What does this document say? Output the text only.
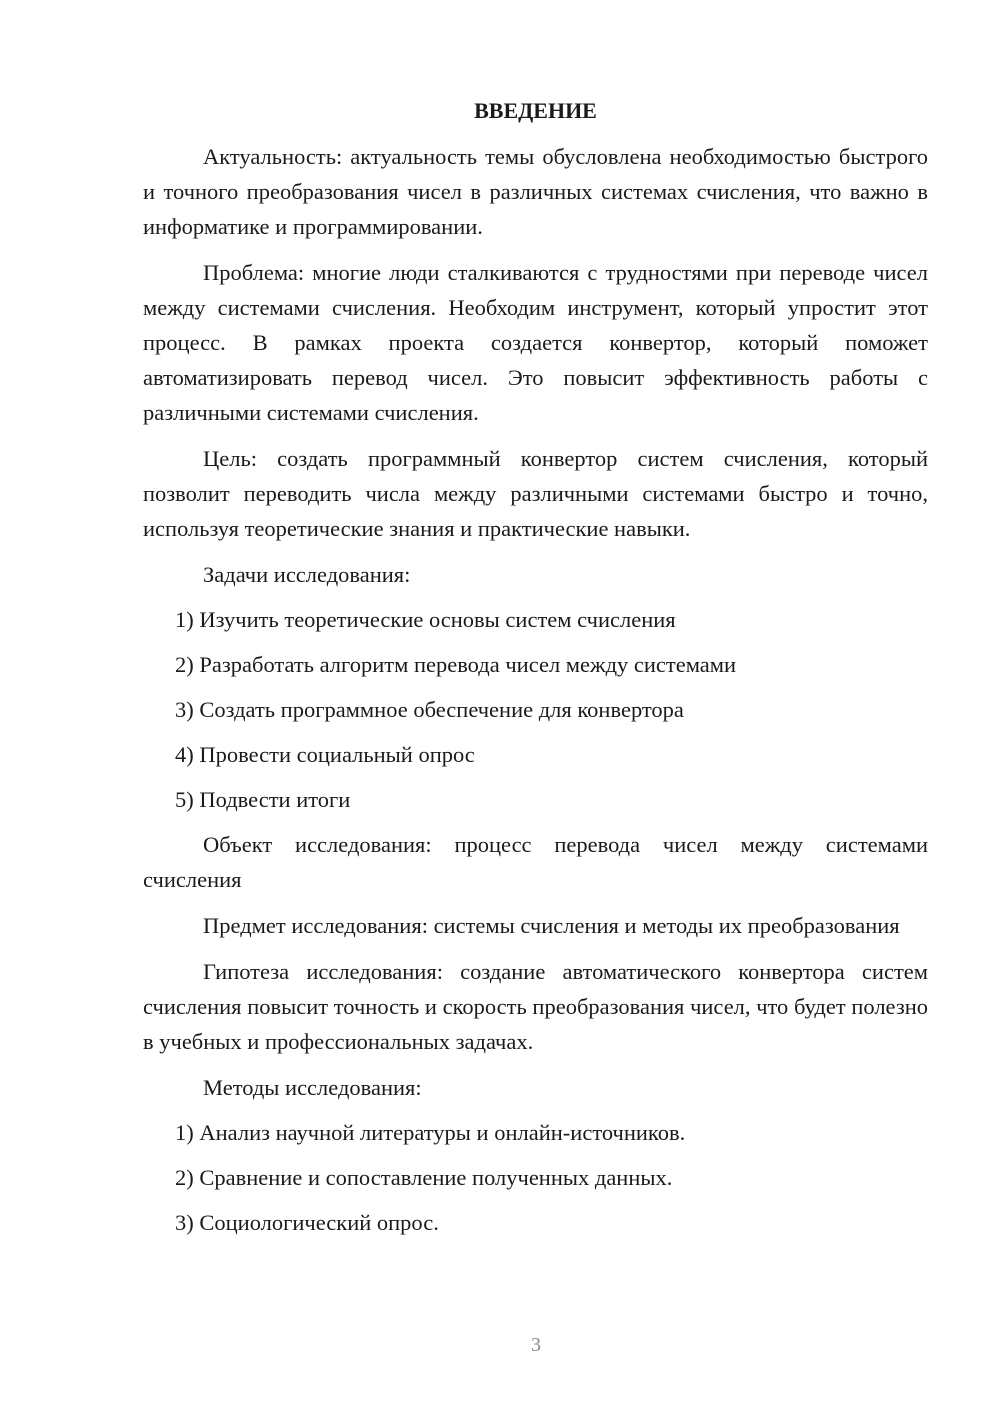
ВВЕДЕНИЕ

Актуальность: актуальность темы обусловлена необходимостью быстрого и точного преобразования чисел в различных системах счисления, что важно в информатике и программировании.

Проблема: многие люди сталкиваются с трудностями при переводе чисел между системами счисления. Необходим инструмент, который упростит этот процесс. В рамках проекта создается конвертор, который поможет автоматизировать перевод чисел. Это повысит эффективность работы с различными системами счисления.

Цель: создать программный конвертор систем счисления, который позволит переводить числа между различными системами быстро и точно, используя теоретические знания и практические навыки.

Задачи исследования:
1) Изучить теоретические основы систем счисления
2) Разработать алгоритм перевода чисел между системами
3) Создать программное обеспечение для конвертора
4) Провести социальный опрос
5) Подвести итоги

Объект исследования: процесс перевода чисел между системами счисления

Предмет исследования: системы счисления и методы их преобразования

Гипотеза исследования: создание автоматического конвертора систем счисления повысит точность и скорость преобразования чисел, что будет полезно в учебных и профессиональных задачах.

Методы исследования:
1) Анализ научной литературы и онлайн-источников.
2) Сравнение и сопоставление полученных данных.
3) Социологический опрос.
3
